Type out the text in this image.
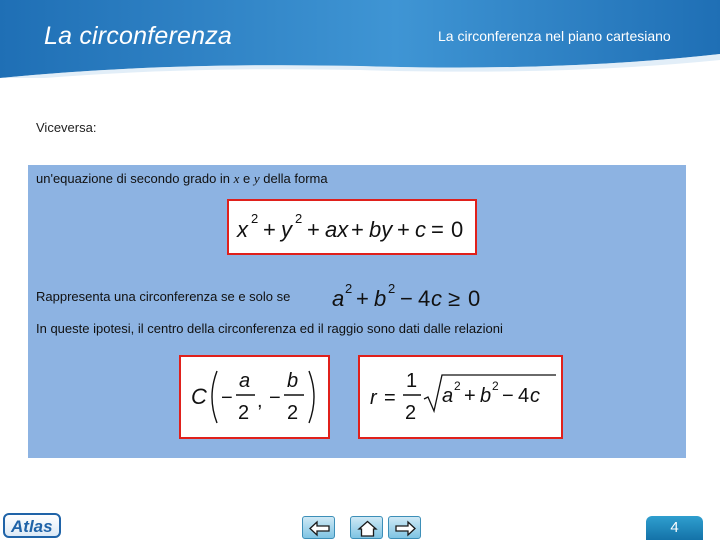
La circonferenza	La circonferenza nel piano cartesiano
Viceversa:
un'equazione di secondo grado in x e y della forma
x 2 + y 2 + ax + by + c = 0
Rappresenta una circonferenza se e solo se a 2 + b 2 − 4 c ≥ 0
In queste ipotesi, il centro della circonferenza ed il raggio sono dati dalle relazioni
C −
a
2
, −
b
2
r =
1
2
a 2 + b 2 − 4 c
Atlas	4
